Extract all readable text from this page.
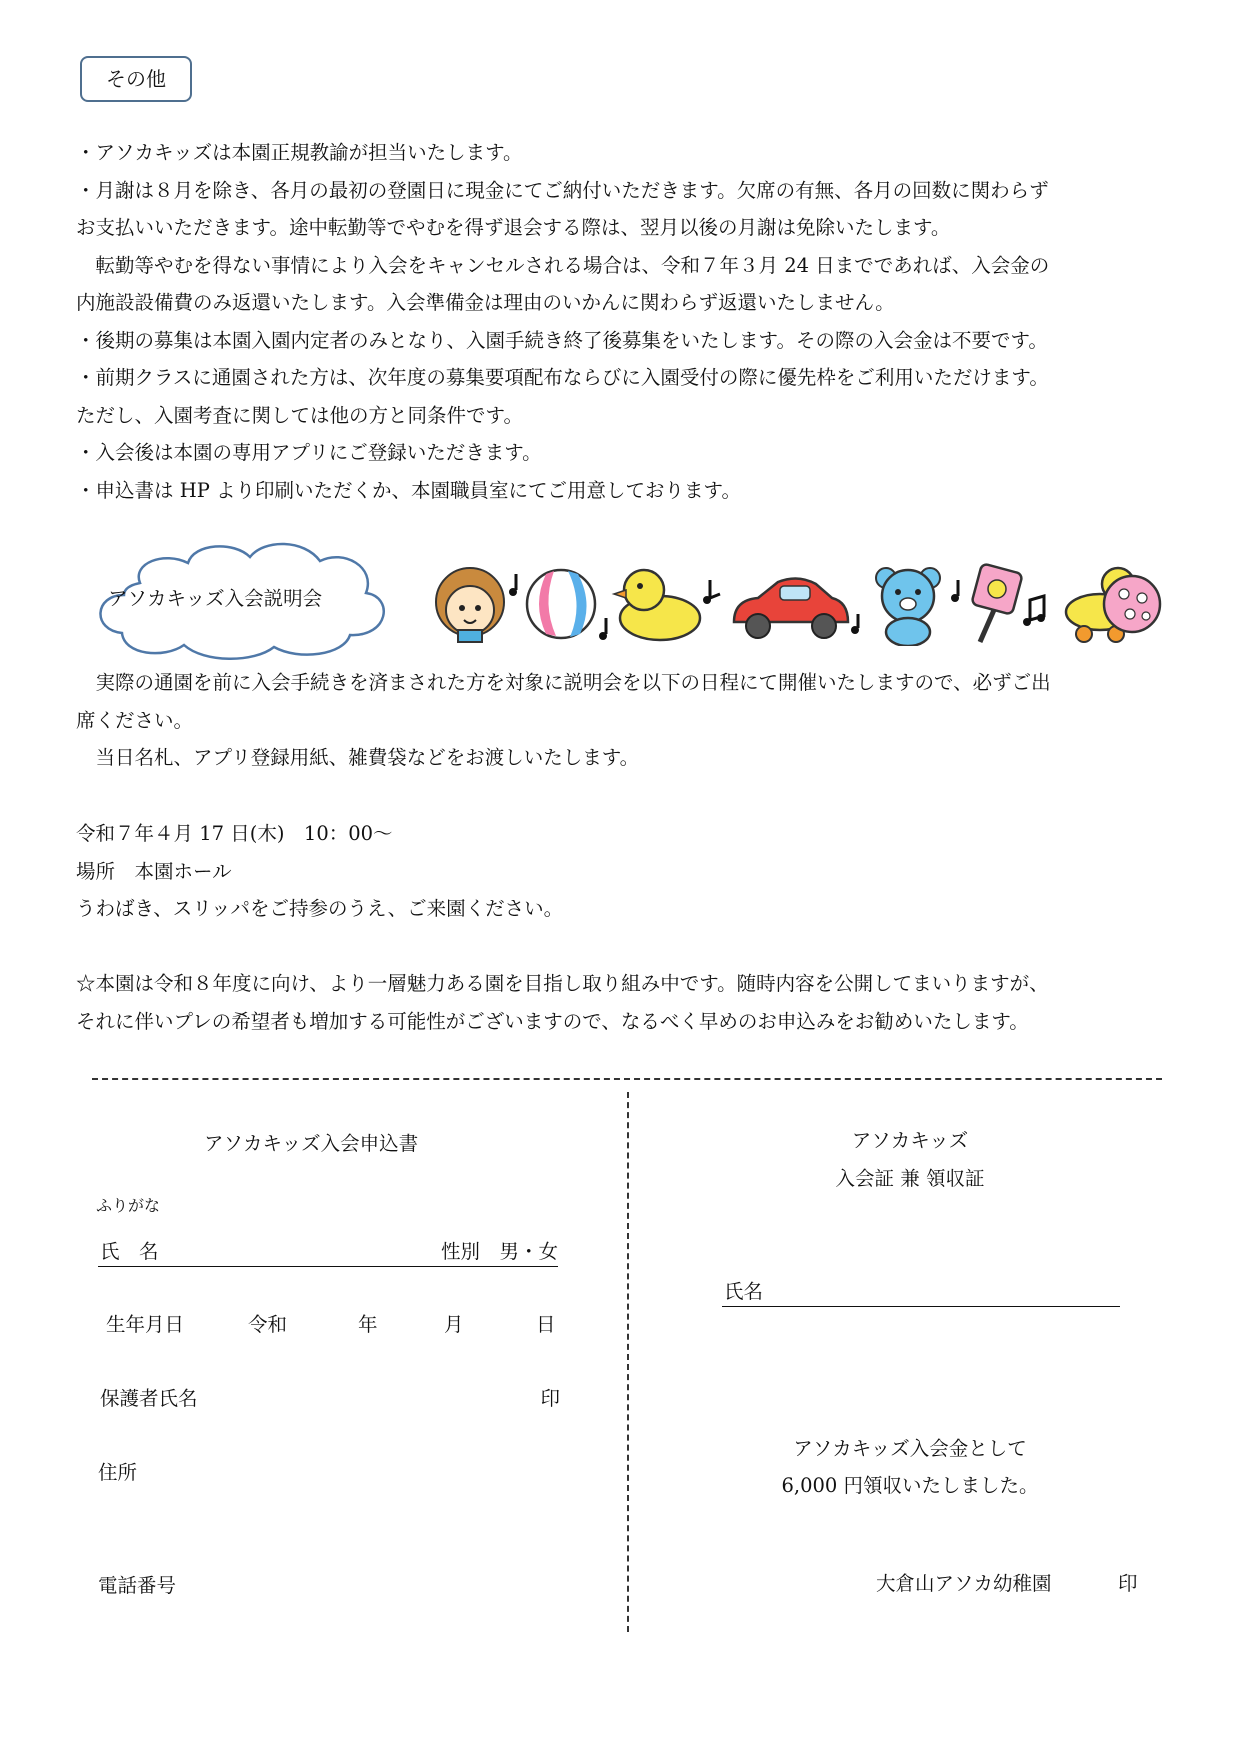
その他
・アソカキッズは本園正規教諭が担当いたします。
・月謝は８月を除き、各月の最初の登園日に現金にてご納付いただきます。欠席の有無、各月の回数に関わらず
お支払いいただきます。途中転勤等でやむを得ず退会する際は、翌月以後の月謝は免除いたします。
　転勤等やむを得ない事情により入会をキャンセルされる場合は、令和７年３月 24 日までであれば、入会金の
内施設設備費のみ返還いたします。入会準備金は理由のいかんに関わらず返還いたしません。
・後期の募集は本園入園内定者のみとなり、入園手続き終了後募集をいたします。その際の入会金は不要です。
・前期クラスに通園された方は、次年度の募集要項配布ならびに入園受付の際に優先枠をご利用いただけます。
ただし、入園考査に関しては他の方と同条件です。
・入会後は本園の専用アプリにご登録いただきます。
・申込書は HP より印刷いただくか、本園職員室にてご用意しております。
アソカキッズ入会説明会
　実際の通園を前に入会手続きを済まされた方を対象に説明会を以下の日程にて開催いたしますので、必ずご出
席ください。
　当日名札、アプリ登録用紙、雑費袋などをお渡しいたします。
令和７年４月 17 日(木)　10：00～
場所　本園ホール
うわばき、スリッパをご持参のうえ、ご来園ください。
☆本園は令和８年度に向け、より一層魅力ある園を目指し取り組み中です。随時内容を公開してまいりますが、
それに伴いプレの希望者も増加する可能性がございますので、なるべく早めのお申込みをお勧めいたします。
アソカキッズ入会申込書
ふりがな
氏　名	性別　男・女
生年月日	令和	年	月	日
保護者氏名	印
住所
電話番号
アソカキッズ
入会証 兼 領収証
氏名
アソカキッズ入会金として
6,000 円領収いたしました。
大倉山アソカ幼稚園	印
